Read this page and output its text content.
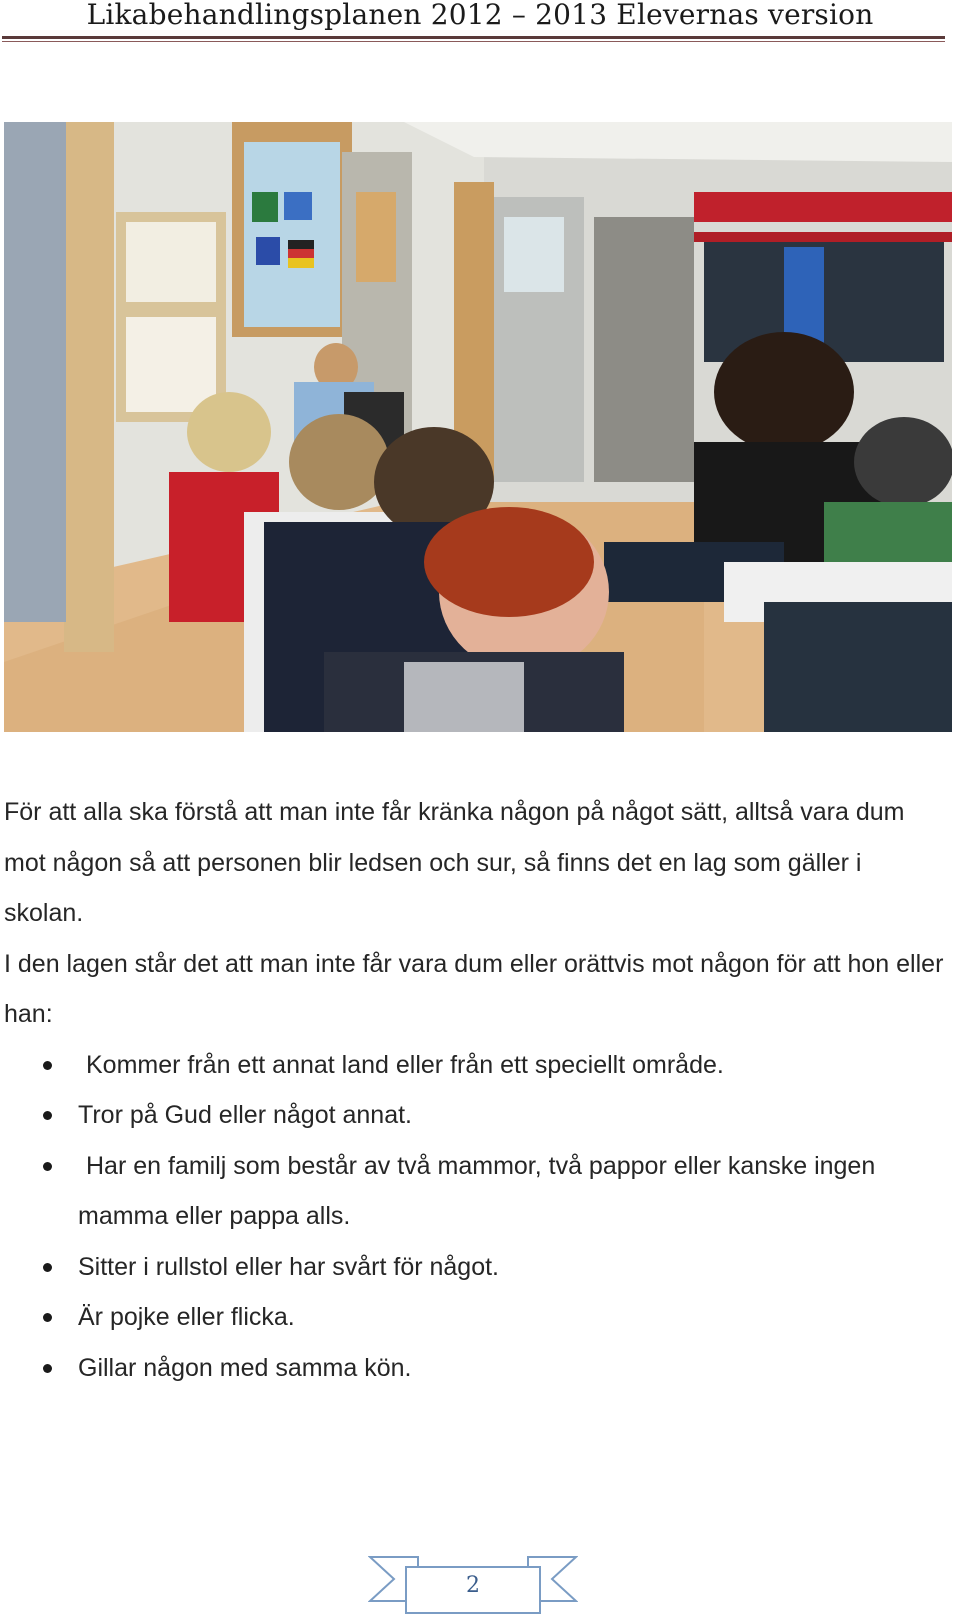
Likabehandlingsplanen 2012 – 2013 Elevernas version

För att alla ska förstå att man inte får kränka någon på något sätt, alltså vara dum mot någon så att personen blir ledsen och sur, så finns det en lag som gäller i skolan.

I den lagen står det att man inte får vara dum eller orättvis mot någon för att hon eller han:

Kommer från ett annat land eller från ett speciellt område.
Tror på Gud eller något annat.
Har en familj som består av två mammor, två pappor eller kanske ingen mamma eller pappa alls.
Sitter i rullstol eller har svårt för något.
Är pojke eller flicka.
Gillar någon med samma kön.
2
